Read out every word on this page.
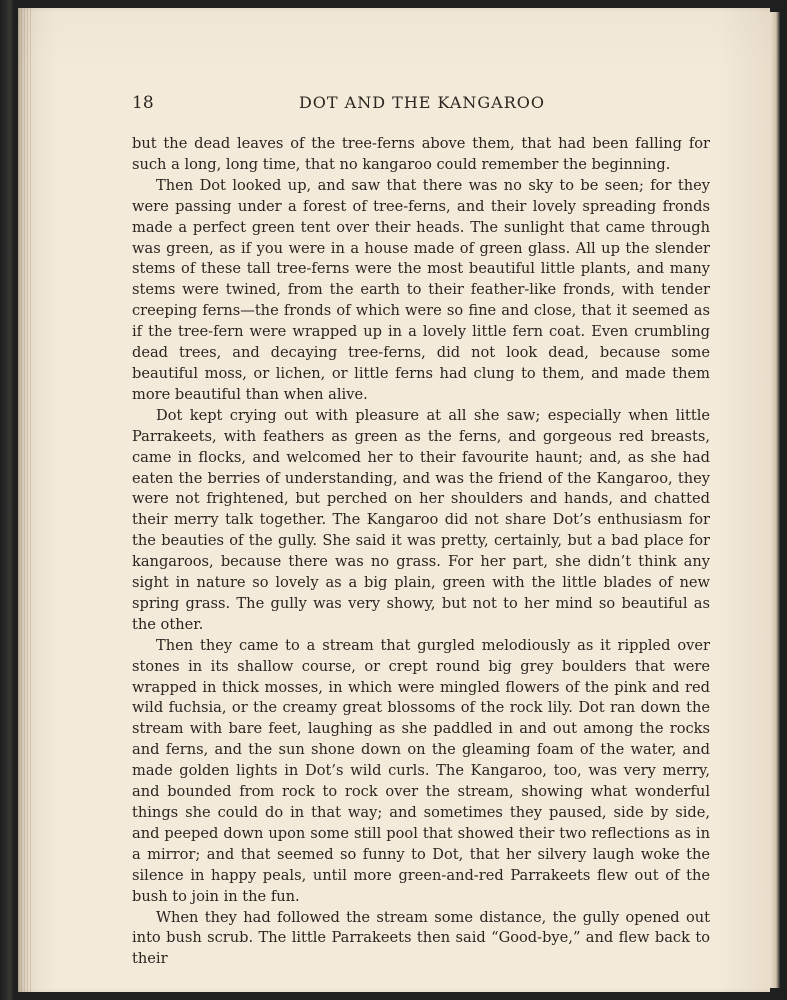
18	DOT AND THE KANGAROO

but the dead leaves of the tree-ferns above them, that had been falling for such a long, long time, that no kangaroo could remember the beginning.

Then Dot looked up, and saw that there was no sky to be seen; for they were passing under a forest of tree-ferns, and their lovely spreading fronds made a perfect green tent over their heads. The sunlight that came through was green, as if you were in a house made of green glass. All up the slender stems of these tall tree-ferns were the most beautiful little plants, and many stems were twined, from the earth to their feather-like fronds, with tender creeping ferns—the fronds of which were so fine and close, that it seemed as if the tree-fern were wrapped up in a lovely little fern coat. Even crumbling dead trees, and decaying tree-ferns, did not look dead, because some beautiful moss, or lichen, or little ferns had clung to them, and made them more beautiful than when alive.

Dot kept crying out with pleasure at all she saw; especially when little Parrakeets, with feathers as green as the ferns, and gorgeous red breasts, came in flocks, and welcomed her to their favourite haunt; and, as she had eaten the berries of understanding, and was the friend of the Kangaroo, they were not frightened, but perched on her shoulders and hands, and chatted their merry talk together. The Kangaroo did not share Dot’s enthusiasm for the beauties of the gully. She said it was pretty, certainly, but a bad place for kangaroos, because there was no grass. For her part, she didn’t think any sight in nature so lovely as a big plain, green with the little blades of new spring grass. The gully was very showy, but not to her mind so beautiful as the other.

Then they came to a stream that gurgled melodiously as it rippled over stones in its shallow course, or crept round big grey boulders that were wrapped in thick mosses, in which were mingled flowers of the pink and red wild fuchsia, or the creamy great blossoms of the rock lily. Dot ran down the stream with bare feet, laughing as she paddled in and out among the rocks and ferns, and the sun shone down on the gleaming foam of the water, and made golden lights in Dot’s wild curls. The Kangaroo, too, was very merry, and bounded from rock to rock over the stream, showing what wonderful things she could do in that way; and sometimes they paused, side by side, and peeped down upon some still pool that showed their two reflections as in a mirror; and that seemed so funny to Dot, that her silvery laugh woke the silence in happy peals, until more green-and-red Parrakeets flew out of the bush to join in the fun.

When they had followed the stream some distance, the gully opened out into bush scrub. The little Parrakeets then said “Good-bye,” and flew back to their
